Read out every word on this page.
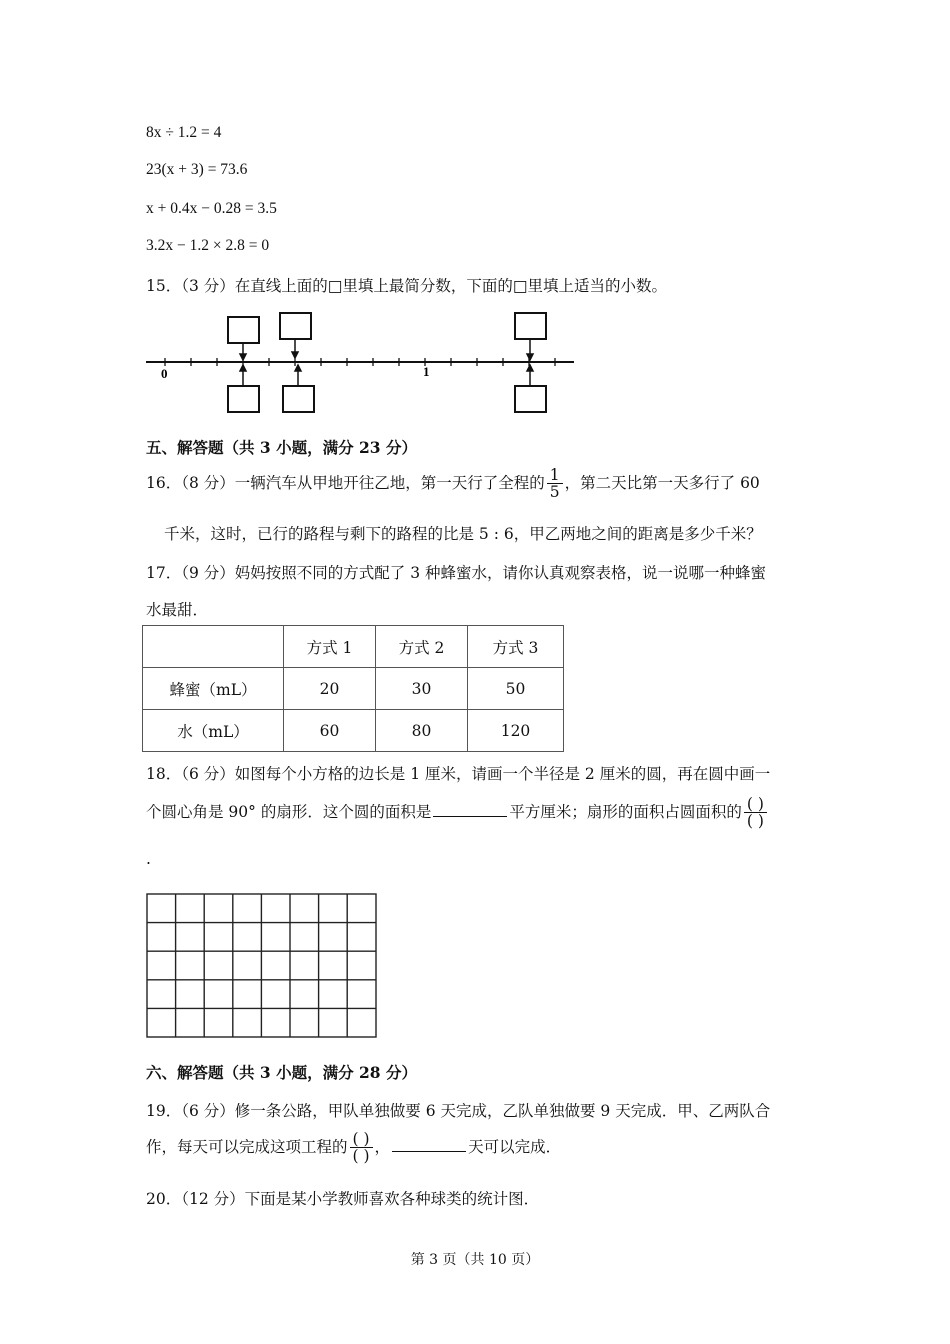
8x ÷ 1.2 = 4
23(x + 3) = 73.6
x + 0.4x − 0.28 = 3.5
3.2x − 1.2 × 2.8 = 0
15．（3 分）在直线上面的□里填上最简分数，下面的□里填上适当的小数。
0	1
五、解答题（共 3 小题，满分 23 分）
16．（8 分）一辆汽车从甲地开往乙地，第一天行了全程的 $\frac{1}{5}$ ，第二天比第一天多行了 60
千米，这时，已行的路程与剩下的路程的比是 5 : 6，甲乙两地之间的距离是多少千米？
17．（9 分）妈妈按照不同的方式配了 3 种蜂蜜水，请你认真观察表格，说一说哪一种蜂蜜
水最甜．
	方式 1	方式 2	方式 3
蜂蜜（mL）	20	30	50
水（mL）	60	80	120
18．（6 分）如图每个小方格的边长是 1 厘米，请画一个半径是 2 厘米的圆，再在圆中画一
个圆心角是 90° 的扇形．这个圆的面积是	平方厘米；扇形的面积占圆面积的 $\frac{( )}{( )}$
.
六、解答题（共 3 小题，满分 28 分）
19．（6 分）修一条公路，甲队单独做要 6 天完成，乙队单独做要 9 天完成．甲、乙两队合
作，每天可以完成这项工程的 $\frac{( )}{( )}$ ，	天可以完成．
20．（12 分）下面是某小学教师喜欢各种球类的统计图．
第 3 页（共 10 页）
